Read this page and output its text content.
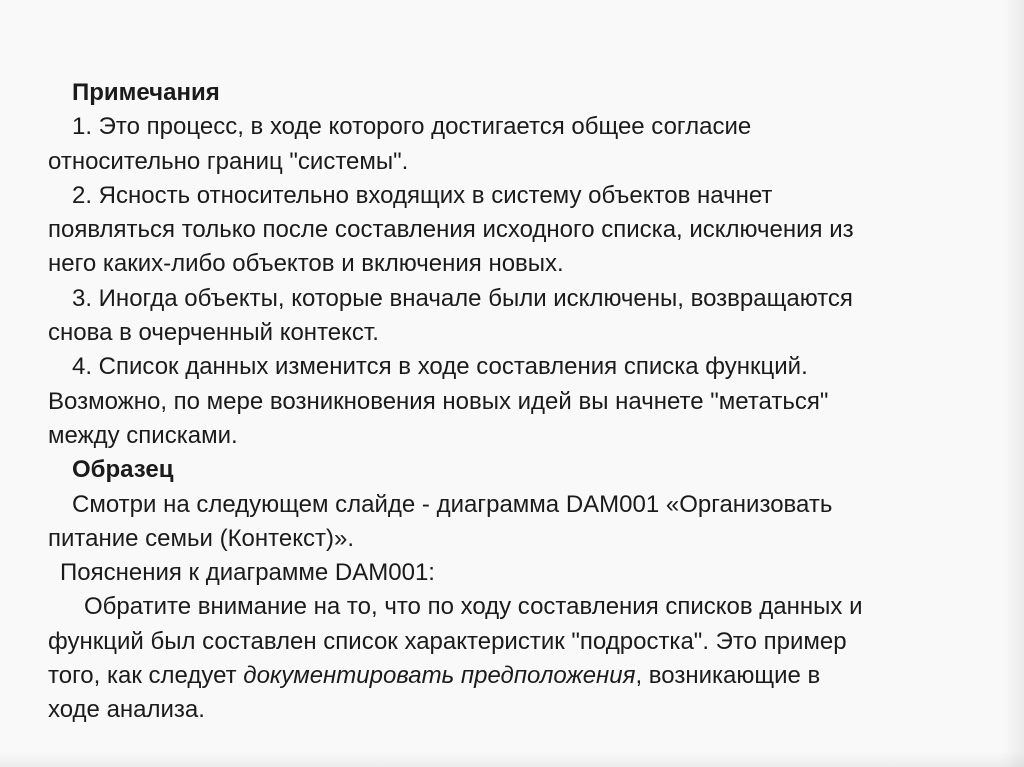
Примечания
1. Это процесс, в ходе которого достигается общее согласие
относительно границ "системы".
2. Ясность относительно входящих в систему объектов начнет
появляться только после составления исходного списка, исключения из
него каких-либо объектов и включения новых.
3. Иногда объекты, которые вначале были исключены, возвращаются
снова в очерченный контекст.
4. Список данных изменится в ходе составления списка функций.
Возможно, по мере возникновения новых идей вы начнете "метаться"
между списками.
Образец
Смотри на следующем слайде - диаграмма DAM001 «Организовать
питание семьи (Контекст)».
Пояснения к диаграмме DAM001:
Обратите внимание на то, что по ходу составления списков данных и
функций был составлен список характеристик "подростка". Это пример
того, как следует документировать предположения, возникающие в
ходе анализа.
